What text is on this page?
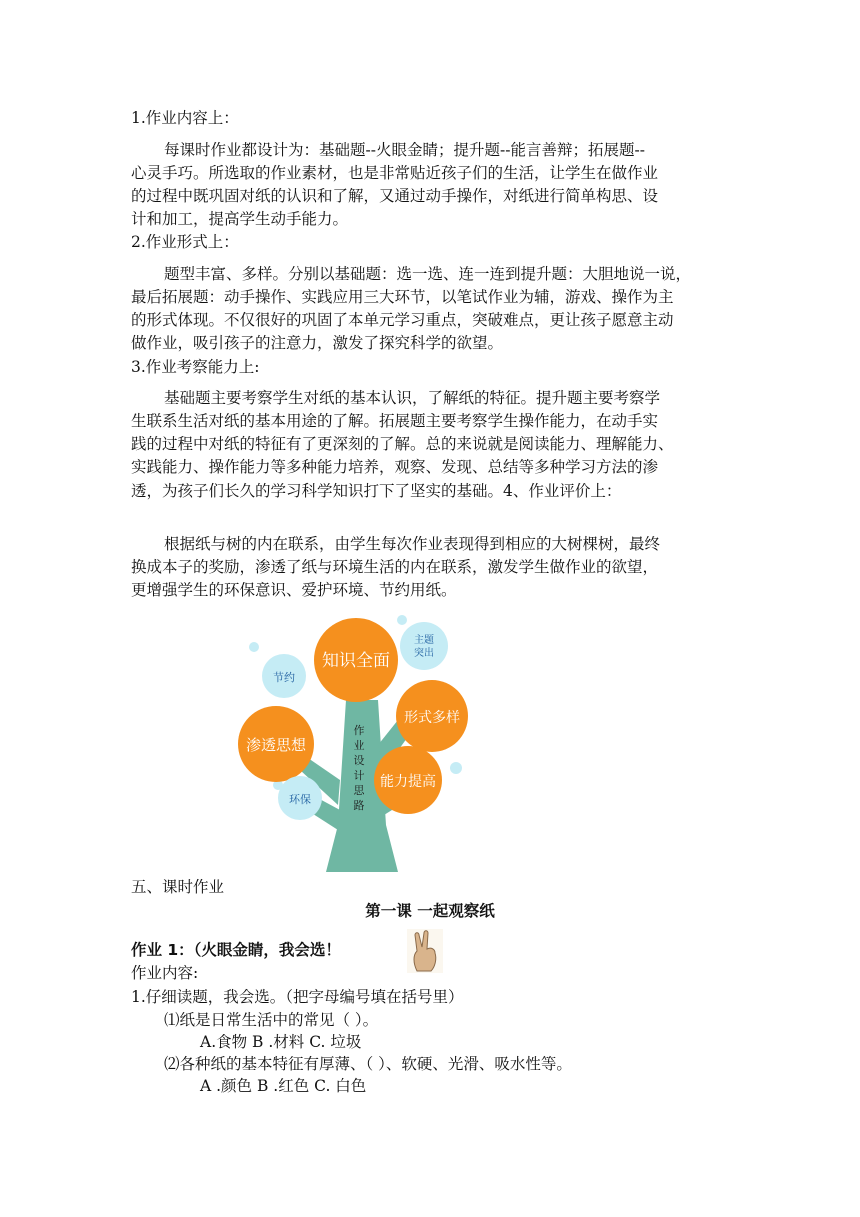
1.作业内容上：
每课时作业都设计为：基础题--火眼金睛；提升题--能言善辩；拓展题--
心灵手巧。所选取的作业素材，也是非常贴近孩子们的生活，让学生在做作业
的过程中既巩固对纸的认识和了解，又通过动手操作，对纸进行简单构思、设
计和加工，提高学生动手能力。
2.作业形式上：
题型丰富、多样。分别以基础题：选一选、连一连到提升题：大胆地说一说，
最后拓展题：动手操作、实践应用三大环节，以笔试作业为辅，游戏、操作为主
的形式体现。不仅很好的巩固了本单元学习重点，突破难点，更让孩子愿意主动
做作业，吸引孩子的注意力，激发了探究科学的欲望。
3.作业考察能力上:
基础题主要考察学生对纸的基本认识，了解纸的特征。提升题主要考察学
生联系生活对纸的基本用途的了解。拓展题主要考察学生操作能力，在动手实
践的过程中对纸的特征有了更深刻的了解。总的来说就是阅读能力、理解能力、
实践能力、操作能力等多种能力培养，观察、发现、总结等多种学习方法的渗
透，为孩子们长久的学习科学知识打下了坚实的基础。4、作业评价上：
根据纸与树的内在联系，由学生每次作业表现得到相应的大树棵树，最终
换成本子的奖励，渗透了纸与环境生活的内在联系，激发学生做作业的欲望，
更增强学生的环保意识、爱护环境、节约用纸。
作
业
设
计
思
路
知识全面
主题
突出
节约
形式多样
渗透思想
能力提高
环保
五、课时作业
第一课 一起观察纸
作业 1：（火眼金睛，我会选！
作业内容:
1.仔细读题，我会选。（把字母编号填在括号里）
⑴纸是日常生活中的常见（ ）。
A.食物 B .材料 C. 垃圾
⑵各种纸的基本特征有厚薄、（ ）、软硬、光滑、吸水性等。
A .颜色 B .红色 C. 白色
